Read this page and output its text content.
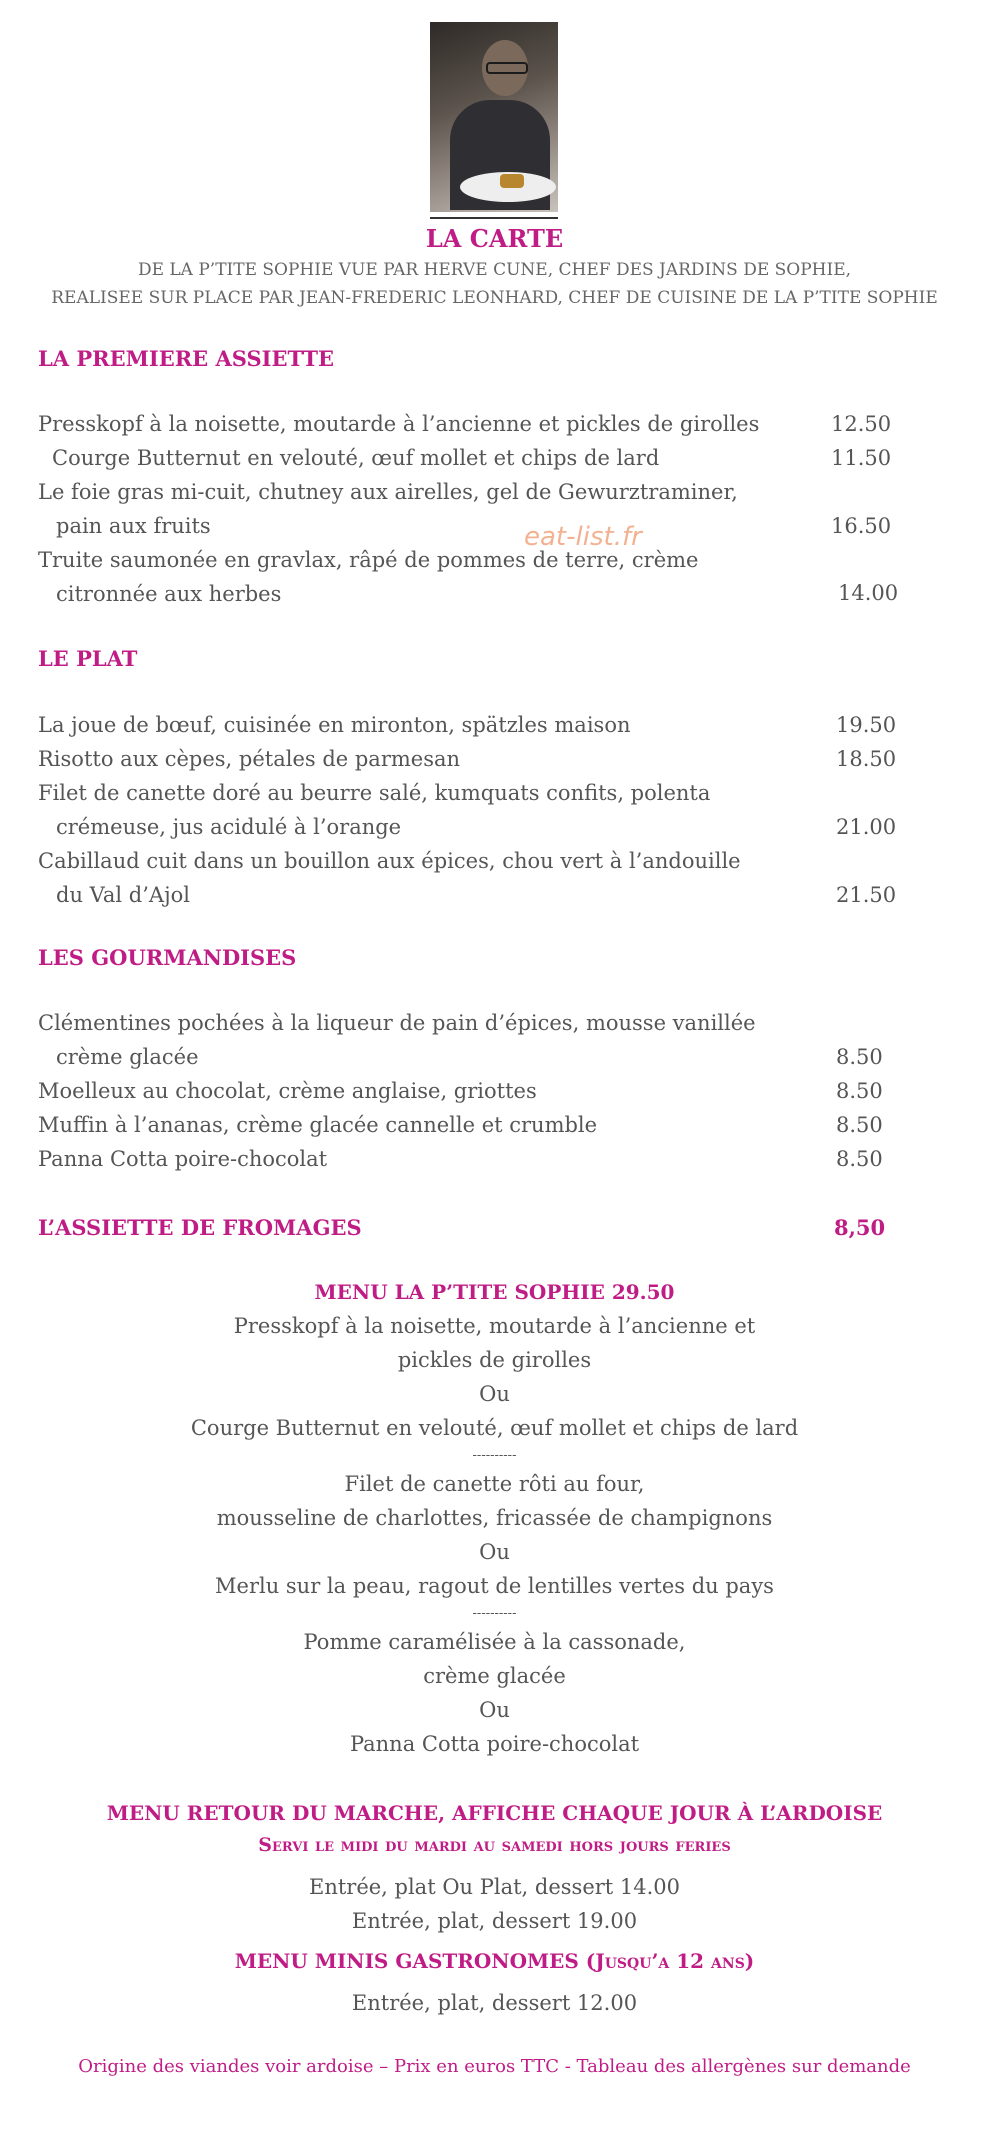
LA CARTE
DE LA P’TITE SOPHIE VUE PAR HERVE CUNE, CHEF DES JARDINS DE SOPHIE,
REALISEE SUR PLACE PAR JEAN-FREDERIC LEONHARD, CHEF DE CUISINE DE LA P’TITE SOPHIE
LA PREMIERE ASSIETTE
Presskopf à la noisette, moutarde à l’ancienne et pickles de girolles	12.50
Courge Butternut en velouté, œuf mollet et chips de lard	11.50
Le foie gras mi-cuit, chutney aux airelles, gel de Gewurztraminer,
pain aux fruits	16.50
Truite saumonée en gravlax, râpé de pommes de terre, crème
citronnée aux herbes	14.00
eat-list.fr
LE PLAT
La joue de bœuf, cuisinée en mironton, spätzles maison	19.50
Risotto aux cèpes, pétales de parmesan	18.50
Filet de canette doré au beurre salé, kumquats confits, polenta
crémeuse, jus acidulé à l’orange	21.00
Cabillaud cuit dans un bouillon aux épices, chou vert à l’andouille
du Val d’Ajol	21.50
LES GOURMANDISES
Clémentines pochées à la liqueur de pain d’épices, mousse vanillée
crème glacée	8.50
Moelleux au chocolat, crème anglaise, griottes	8.50
Muffin à l’ananas, crème glacée cannelle et crumble	8.50
Panna Cotta poire-chocolat	8.50
L’ASSIETTE DE FROMAGES	8,50
MENU LA P’TITE SOPHIE 29.50
Presskopf à la noisette, moutarde à l’ancienne et
pickles de girolles
Ou
Courge Butternut en velouté, œuf mollet et chips de lard
----------
Filet de canette rôti au four,
mousseline de charlottes, fricassée de champignons
Ou
Merlu sur la peau, ragout de lentilles vertes du pays
----------
Pomme caramélisée à la cassonade,
crème glacée
Ou
Panna Cotta poire-chocolat
MENU RETOUR DU MARCHE, AFFICHE CHAQUE JOUR À L’ARDOISE
Servi le midi du mardi au samedi hors jours feries
Entrée, plat Ou Plat, dessert 14.00
Entrée, plat, dessert 19.00
MENU MINIS GASTRONOMES (Jusqu’a 12 ans)
Entrée, plat, dessert 12.00
Origine des viandes voir ardoise – Prix en euros TTC - Tableau des allergènes sur demande
